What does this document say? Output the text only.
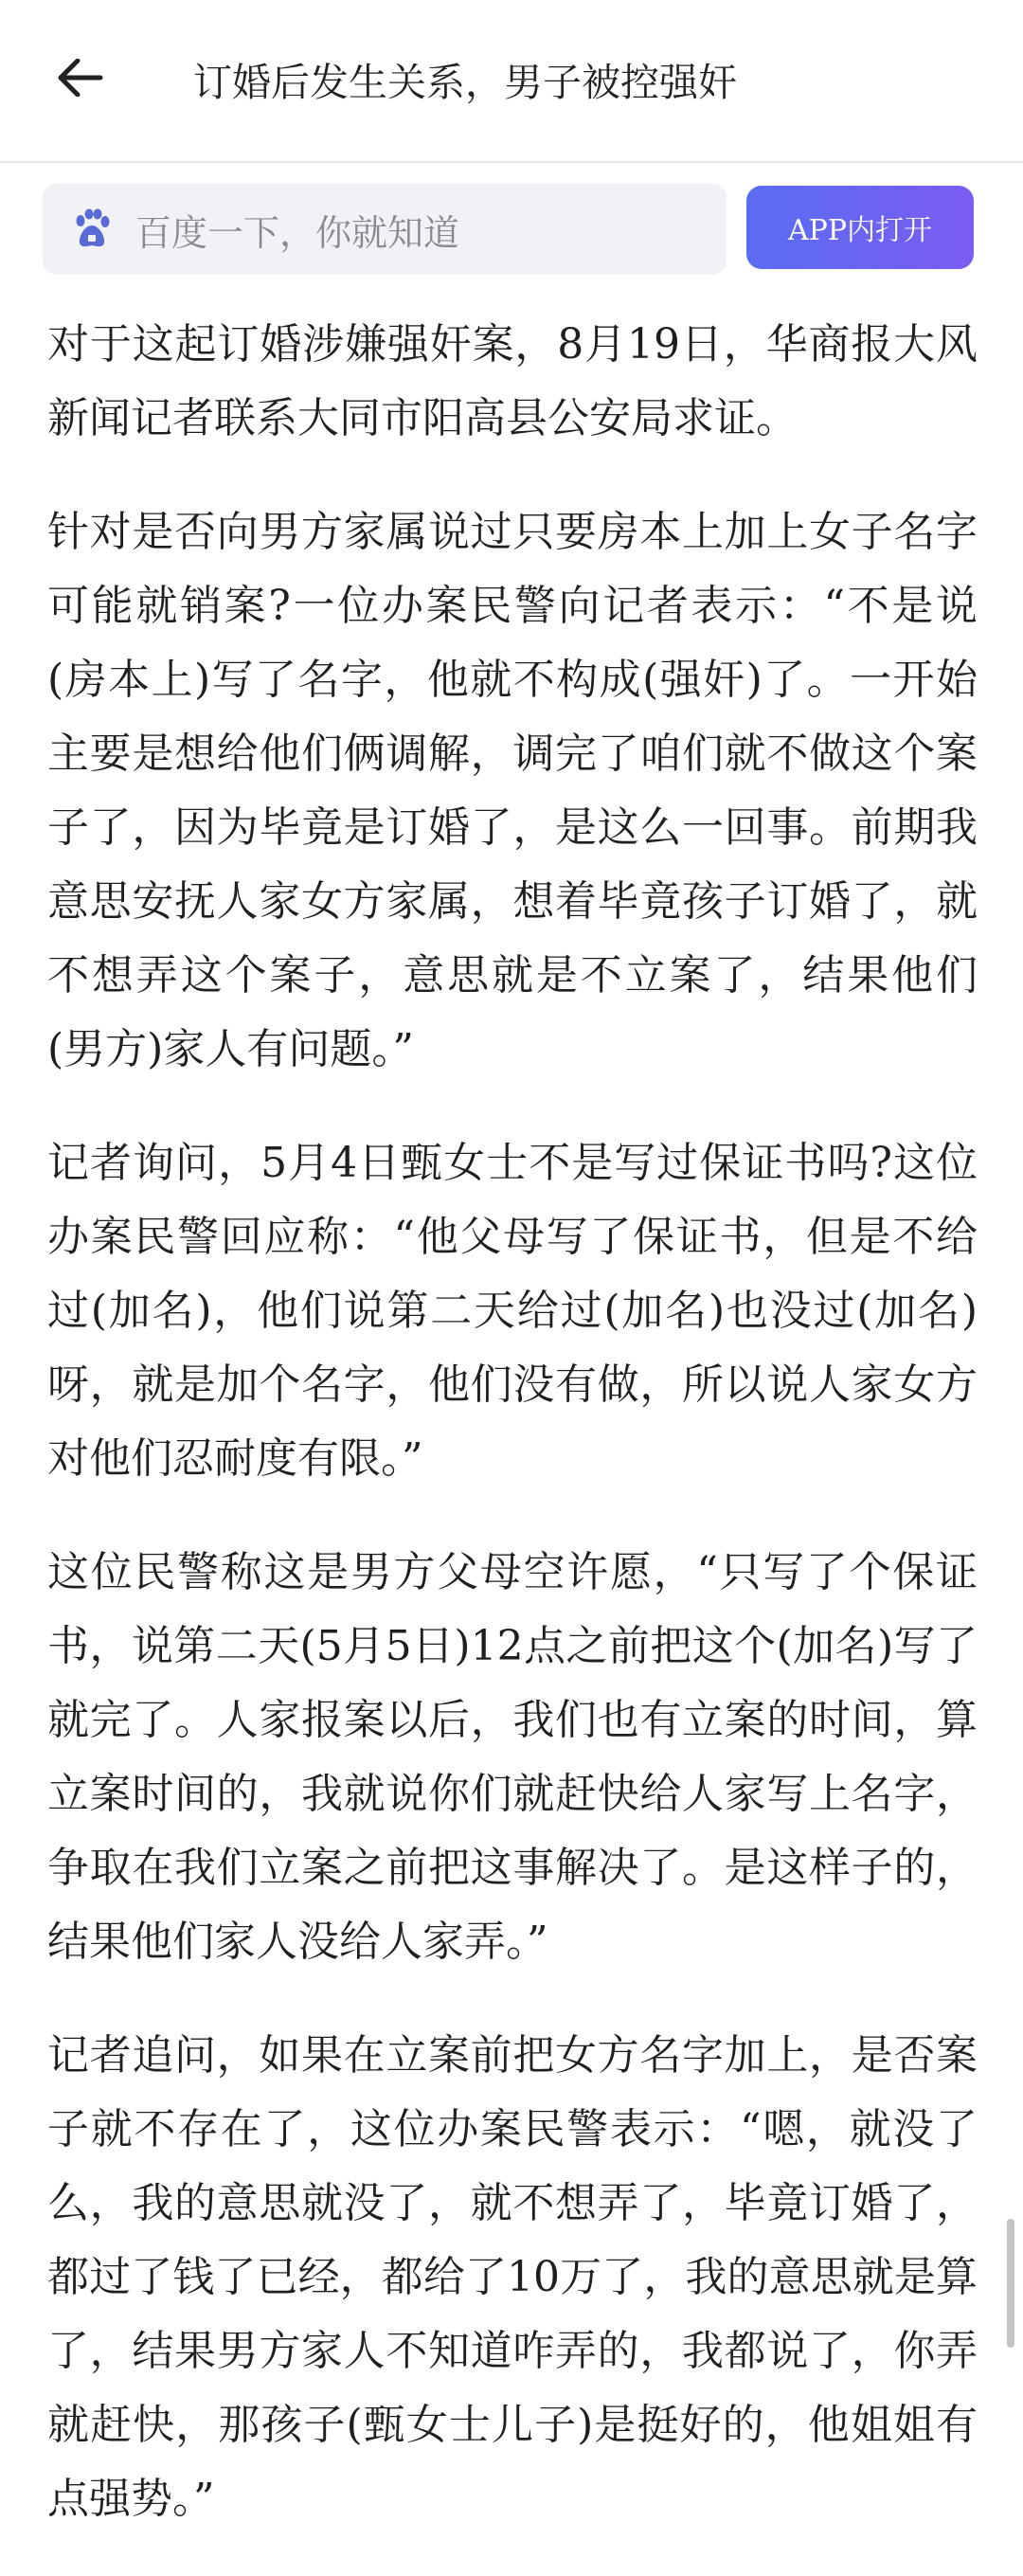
订婚后发生关系，男子被控强奸
百度一下，你就知道	APP内打开

对于这起订婚涉嫌强奸案，8月19日，华商报大风新闻记者联系大同市阳高县公安局求证。

针对是否向男方家属说过只要房本上加上女子名字可能就销案?一位办案民警向记者表示：“不是说(房本上)写了名字，他就不构成(强奸)了。一开始主要是想给他们俩调解，调完了咱们就不做这个案子了，因为毕竟是订婚了，是这么一回事。前期我意思安抚人家女方家属，想着毕竟孩子订婚了，就不想弄这个案子，意思就是不立案了，结果他们(男方)家人有问题。”

记者询问，5月4日甄女士不是写过保证书吗?这位办案民警回应称：“他父母写了保证书，但是不给过(加名)，他们说第二天给过(加名)也没过(加名)呀，就是加个名字，他们没有做，所以说人家女方对他们忍耐度有限。”

这位民警称这是男方父母空许愿，“只写了个保证书，说第二天(5月5日)12点之前把这个(加名)写了就完了。人家报案以后，我们也有立案的时间，算立案时间的，我就说你们就赶快给人家写上名字，争取在我们立案之前把这事解决了。是这样子的，结果他们家人没给人家弄。”

记者追问，如果在立案前把女方名字加上，是否案子就不存在了，这位办案民警表示：“嗯，就没了么，我的意思就没了，就不想弄了，毕竟订婚了，都过了钱了已经，都给了10万了，我的意思就是算了，结果男方家人不知道咋弄的，我都说了，你弄就赶快，那孩子(甄女士儿子)是挺好的，他姐姐有点强势。”
